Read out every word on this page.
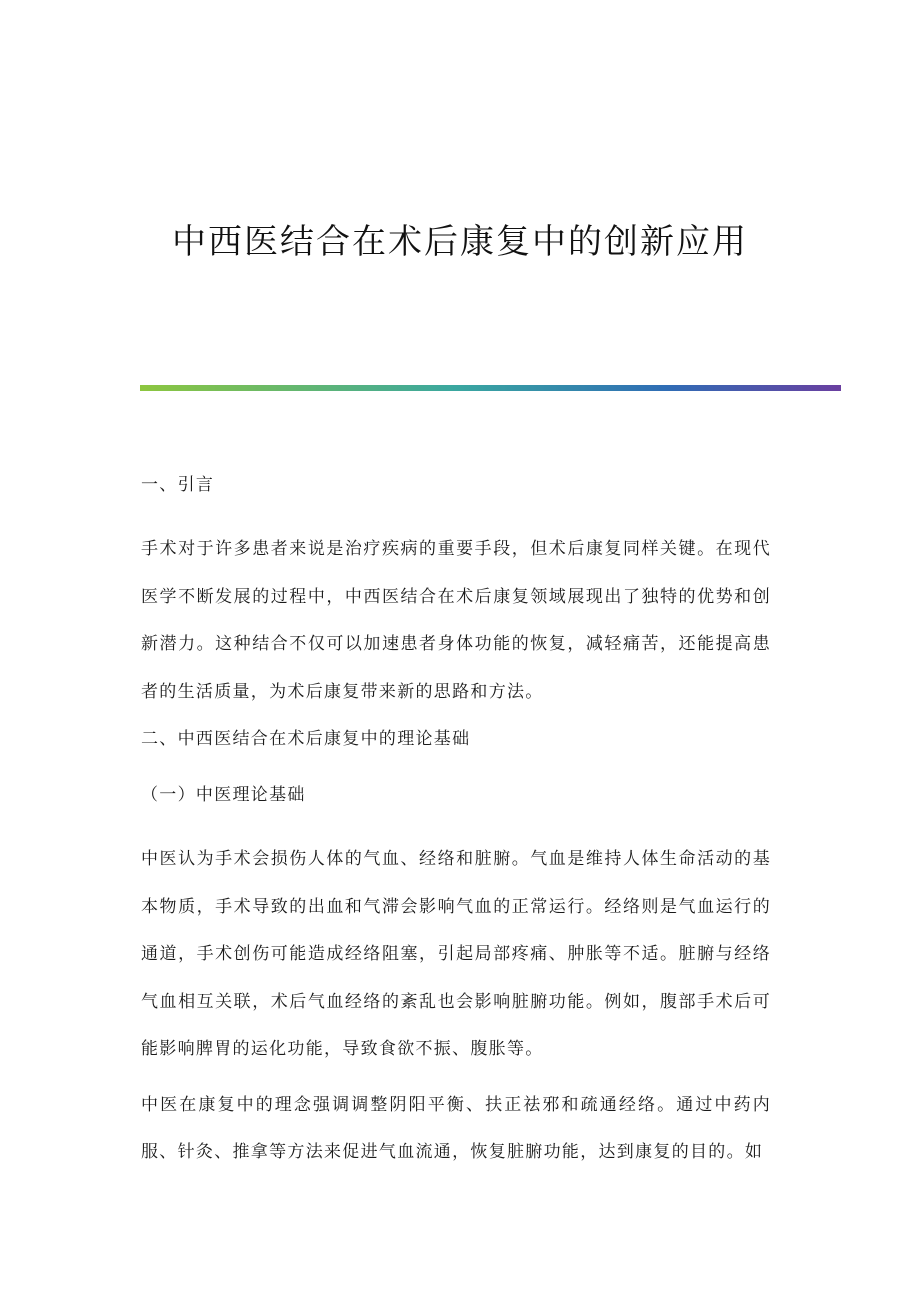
中西医结合在术后康复中的创新应用

一、引言

手术对于许多患者来说是治疗疾病的重要手段，但术后康复同样关键。在现代医学不断发展的过程中，中西医结合在术后康复领域展现出了独特的优势和创新潜力。这种结合不仅可以加速患者身体功能的恢复，减轻痛苦，还能提高患者的生活质量，为术后康复带来新的思路和方法。

二、中西医结合在术后康复中的理论基础

（一）中医理论基础

中医认为手术会损伤人体的气血、经络和脏腑。气血是维持人体生命活动的基本物质，手术导致的出血和气滞会影响气血的正常运行。经络则是气血运行的通道，手术创伤可能造成经络阻塞，引起局部疼痛、肿胀等不适。脏腑与经络气血相互关联，术后气血经络的紊乱也会影响脏腑功能。例如，腹部手术后可能影响脾胃的运化功能，导致食欲不振、腹胀等。

中医在康复中的理念强调调整阴阳平衡、扶正祛邪和疏通经络。通过中药内服、针灸、推拿等方法来促进气血流通，恢复脏腑功能，达到康复的目的。如
